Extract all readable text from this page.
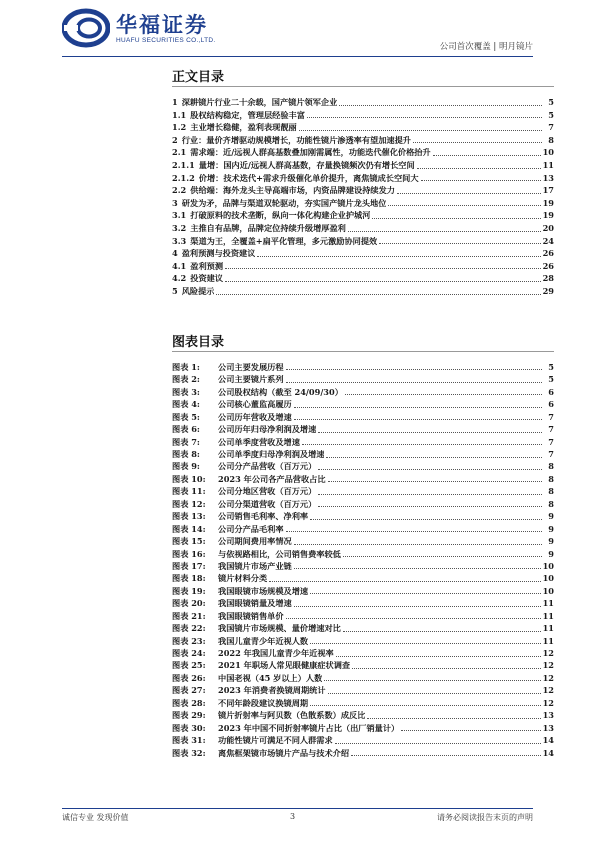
华福证券
HUAFU SECURITIES CO.,LTD.
公司首次覆盖 | 明月镜片
正文目录
1 深耕镜片行业二十余载，国产镜片领军企业	5
1.1 股权结构稳定，管理层经验丰富	5
1.2 主业增长稳健，盈利表现靓丽	7
2 行业：量价齐增驱动规模增长，功能性镜片渗透率有望加速提升	8
2.1 需求端：近/远视人群高基数叠加刚需属性，功能迭代催化价格抬升	10
2.1.1 量增：国内近/远视人群高基数，存量换镜频次仍有增长空间	11
2.1.2 价增：技术迭代+需求升级催化单价提升，离焦镜成长空间大	13
2.2 供给端：海外龙头主导高端市场，内资品牌建设持续发力	17
3 研发为矛，品牌与渠道双轮驱动，夯实国产镜片龙头地位	19
3.1 打破原料的技术垄断，纵向一体化构建企业护城河	19
3.2 主推自有品牌，品牌定位持续升级增厚盈利	20
3.3 渠道为王，全覆盖+扁平化管理，多元激励协同提效	24
4 盈利预测与投资建议	26
4.1 盈利预测	26
4.2 投资建议	28
5 风险提示	29
图表目录
图表 1:	公司主要发展历程	5
图表 2:	公司主要镜片系列	5
图表 3:	公司股权结构（截至 24/09/30）	6
图表 4:	公司核心董监高履历	6
图表 5:	公司历年营收及增速	7
图表 6:	公司历年归母净利润及增速	7
图表 7:	公司单季度营收及增速	7
图表 8:	公司单季度归母净利润及增速	7
图表 9:	公司分产品营收（百万元）	8
图表 10:	2023 年公司各产品营收占比	8
图表 11:	公司分地区营收（百万元）	8
图表 12:	公司分渠道营收（百万元）	8
图表 13:	公司销售毛利率、净利率	9
图表 14:	公司分产品毛利率	9
图表 15:	公司期间费用率情况	9
图表 16:	与依视路相比，公司销售费率较低	9
图表 17:	我国镜片市场产业链	10
图表 18:	镜片材料分类	10
图表 19:	我国眼镜市场规模及增速	10
图表 20:	我国眼镜销量及增速	11
图表 21:	我国眼镜销售单价	11
图表 22:	我国镜片市场规模、量价增速对比	11
图表 23:	我国儿童青少年近视人数	11
图表 24:	2022 年我国儿童青少年近视率	12
图表 25:	2021 年职场人常见眼健康症状调查	12
图表 26:	中国老视（45 岁以上）人数	12
图表 27:	2023 年消费者换镜周期统计	12
图表 28:	不同年龄段建议换镜周期	12
图表 29:	镜片折射率与阿贝数（色散系数）成反比	13
图表 30:	2023 年中国不同折射率镜片占比（出厂销量计）	13
图表 31:	功能性镜片可满足不同人群需求	14
图表 32:	离焦框架镜市场镜片产品与技术介绍	14
诚信专业 发现价值	3	请务必阅读报告末页的声明
